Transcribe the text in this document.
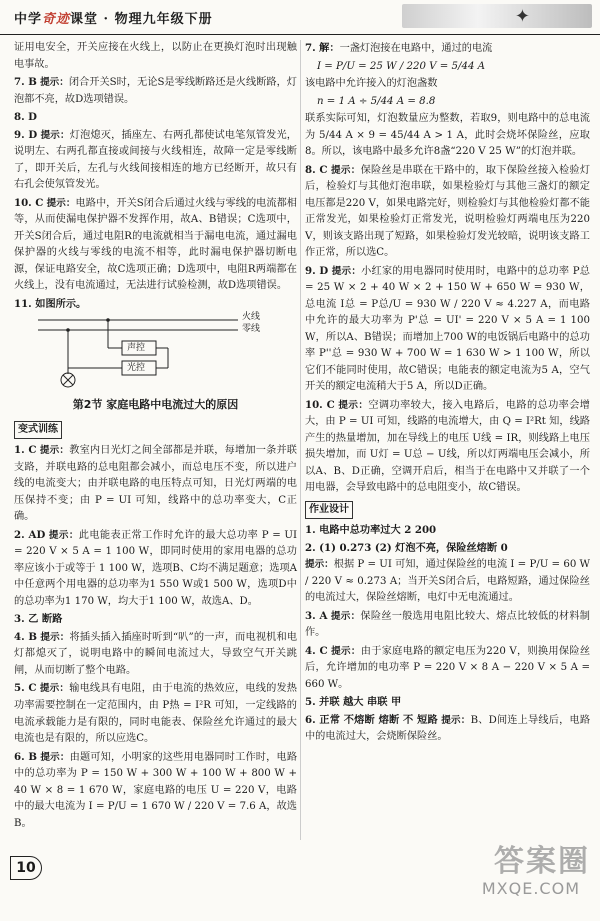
中学奇迹课堂 · 物理九年级下册	✦

证用电安全，开关应接在火线上，以防止在更换灯泡时出现触电事故。

7. B 提示：闭合开关S时，无论S是零线断路还是火线断路，灯泡都不亮，故D选项错误。

8. D

9. D 提示：灯泡熄灭，插座左、右两孔都使试电笔氖管发光，说明左、右两孔都直接或间接与火线相连，故障一定是零线断了，即开关后，左孔与火线间接相连的地方已经断开，故只有右孔会使氖管发光。

10. C 提示：电路中，开关S闭合后通过火线与零线的电流都相等，从而使漏电保护器不发挥作用，故A、B错误；C选项中，开关S闭合后，通过电阻R的电流就相当于漏电电流，通过漏电保护器的火线与零线的电流不相等，此时漏电保护器切断电源，保证电路安全，故C选项正确；D选项中，电阻R两端都在火线上，没有电流通过，无法进行试验检测，故D选项错误。

11. 如图所示。

火线
零线
声控
光控
第2节 家庭电路中电流过大的原因
变式训练

1. C 提示：教室内日光灯之间全部都是并联，每增加一条并联支路，并联电路的总电阻都会减小，而总电压不变，所以进户线的电流变大；由并联电路的电压特点可知，日光灯两端的电压保持不变；由 P = UI 可知，线路中的总功率变大，C正确。

2. AD 提示：此电能表正常工作时允许的最大总功率 P = UI = 220 V × 5 A = 1 100 W，即同时使用的家用电器的总功率应该小于或等于 1 100 W，选项B、C均不满足题意；选项A中任意两个用电器的总功率为1 550 W或1 500 W，选项D中的总功率为1 170 W，均大于1 100 W，故选A、D。

3. 乙 断路

4. B 提示：将插头插入插座时听到“叭”的一声，而电视机和电灯都熄灭了，说明电路中的瞬间电流过大，导致空气开关跳闸，从而切断了整个电路。

5. C 提示：输电线具有电阻，由于电流的热效应，电线的发热功率需要控制在一定范围内，由 P热 = I²R 可知，一定线路的电流承载能力是有限的，同时电能表、保险丝允许通过的最大电流也是有限的，所以应选C。

6. B 提示：由题可知，小明家的这些用电器同时工作时，电路中的总功率为 P = 150 W + 300 W + 100 W + 800 W + 40 W × 8 = 1 670 W，家庭电路的电压 U = 220 V，电路中的最大电流为 I = P/U = 1 670 W / 220 V = 7.6 A，故选B。

7. 解：一盏灯泡接在电路中，通过的电流

I = P/U = 25 W / 220 V = 5/44 A

该电路中允许接入的灯泡盏数

n = 1 A ÷ 5/44 A = 8.8

联系实际可知，灯泡数量应为整数，若取9，则电路中的总电流为 5/44 A × 9 = 45/44 A > 1 A，此时会烧坏保险丝，应取8。所以，该电路中最多允许8盏“220 V 25 W”的灯泡并联。

8. C 提示：保险丝是串联在干路中的，取下保险丝接入检验灯后，检验灯与其他灯泡串联，如果检验灯与其他三盏灯的额定电压都是220 V，如果电路完好，则检验灯与其他检验灯都不能正常发光，如果检验灯正常发光，说明检验灯两端电压为220 V，则该支路出现了短路，如果检验灯发光较暗，说明该支路工作正常，所以选C。

9. D 提示：小红家的用电器同时使用时，电路中的总功率 P总 = 25 W × 2 + 40 W × 2 + 150 W + 650 W = 930 W，总电流 I总 = P总/U = 930 W / 220 V ≈ 4.227 A，而电路中允许的最大功率为 P'总 = UI' = 220 V × 5 A = 1 100 W，所以A、B错误；而增加上700 W的电饭锅后电路中的总功率 P''总 = 930 W + 700 W = 1 630 W > 1 100 W，所以它们不能同时使用，故C错误；电能表的额定电流为5 A，空气开关的额定电流稍大于5 A，所以D正确。

10. C 提示：空调功率较大，接入电路后，电路的总功率会增大，由 P = UI 可知，线路的电流增大，由 Q = I²Rt 知，线路产生的热量增加，加在导线上的电压 U线 = IR，则线路上电压损失增加，而 U灯 = U总 − U线，所以灯两端电压会减小，所以A、B、D正确，空调开启后，相当于在电路中又并联了一个用电器，会导致电路中的总电阻变小，故C错误。

作业设计

1. 电路中总功率过大 2 200

2. (1) 0.273 (2) 灯泡不亮，保险丝熔断 0

提示：根据 P = UI 可知，通过保险丝的电流 I = P/U = 60 W / 220 V ≈ 0.273 A；当开关S闭合后，电路短路，通过保险丝的电流过大，保险丝熔断，电灯中无电流通过。

3. A 提示：保险丝一般选用电阻比较大、熔点比较低的材料制作。

4. C 提示：由于家庭电路的额定电压为220 V，则换用保险丝后，允许增加的电功率 P = 220 V × 8 A − 220 V × 5 A = 660 W。

5. 并联 越大 串联 甲

6. 正常 不熔断 熔断 不 短路 提示：B、D间连上导线后，电路中的电流过大，会烧断保险丝。

10	答案圈
MXQE.COM
